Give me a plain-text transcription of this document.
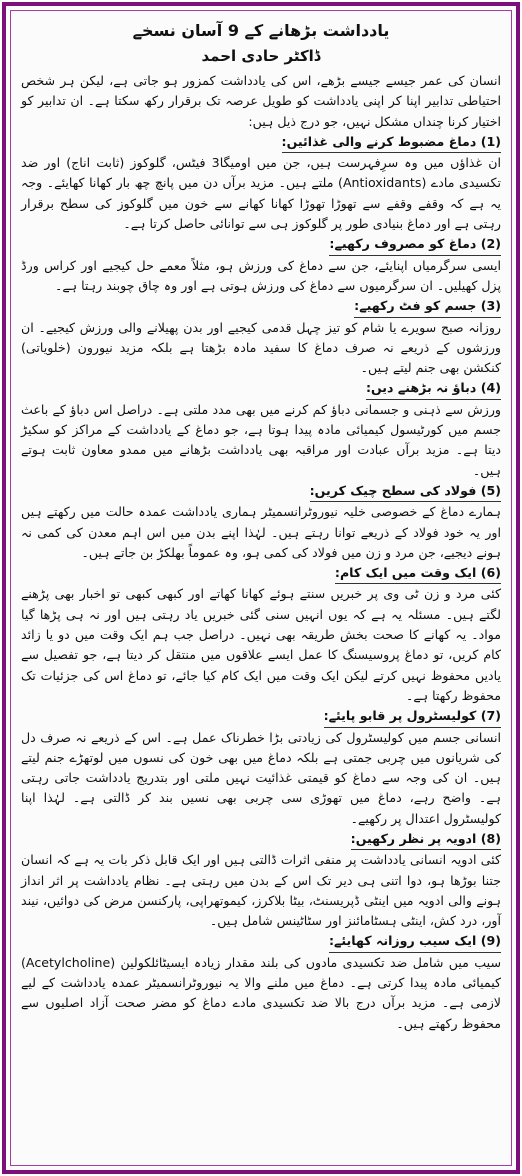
یادداشت بڑھانے کے 9 آسان نسخے

ڈاکٹر حادی احمد

انسان کی عمر جیسے جیسے بڑھے، اس کی یادداشت کمزور ہو جاتی ہے، لیکن ہر شخص احتیاطی تدابیر اپنا کر اپنی یادداشت کو طویل عرصہ تک برقرار رکھ سکتا ہے۔ ان تدابیر کو اختیار کرنا چنداں مشکل نہیں، جو درج ذیل ہیں:

(1) دماغ مضبوط کرنے والی غذائیں:

ان غذاؤں میں وہ سرِفہرست ہیں، جن میں اومیگا3 فیٹس، گلوکوز (ثابت اناج) اور ضد تکسیدی مادے (Antioxidants) ملتے ہیں۔ مزید برآں دن میں پانچ چھ بار کھانا کھایئے۔ وجہ یہ ہے کہ وقفے وقفے سے تھوڑا تھوڑا کھانا کھانے سے خون میں گلوکوز کی سطح برقرار رہتی ہے اور دماغ بنیادی طور پر گلوکوز ہی سے توانائی حاصل کرتا ہے۔

(2) دماغ کو مصروف رکھیے:

ایسی سرگرمیاں اپنایئے، جن سے دماغ کی ورزش ہو، مثلاً معمے حل کیجیے اور کراس ورڈ پزل کھیلیں۔ ان سرگرمیوں سے دماغ کی ورزش ہوتی ہے اور وہ چاق چوبند رہتا ہے۔

(3) جسم کو فٹ رکھیے:

روزانہ صبح سویرے یا شام کو تیز چہل قدمی کیجیے اور بدن پھیلانے والی ورزش کیجیے۔ ان ورزشوں کے ذریعے نہ صرف دماغ کا سفید مادہ بڑھتا ہے بلکہ مزید نیورون (خلویاتی) کنکشن بھی جنم لیتے ہیں۔

(4) دباؤ نہ بڑھنے دیں:

ورزش سے ذہنی و جسمانی دباؤ کم کرنے میں بھی مدد ملتی ہے۔ دراصل اس دباؤ کے باعث جسم میں کورٹیسول کیمیائی مادہ پیدا ہوتا ہے، جو دماغ کے یادداشت کے مراکز کو سکیڑ دیتا ہے۔ مزید برآں عبادت اور مراقبہ بھی یادداشت بڑھانے میں ممدو معاون ثابت ہوتے ہیں۔

(5) فولاد کی سطح چیک کریں:

ہمارے دماغ کے خصوصی خلیہ نیوروٹرانسمیٹر ہماری یادداشت عمدہ حالت میں رکھتے ہیں اور یہ خود فولاد کے ذریعے توانا رہتے ہیں۔ لہٰذا اپنے بدن میں اس اہم معدن کی کمی نہ ہونے دیجیے، جن مرد و زن میں فولاد کی کمی ہو، وہ عموماً بھلکڑ بن جاتے ہیں۔

(6) ایک وقت میں ایک کام:

کئی مرد و زن ٹی وی پر خبریں سنتے ہوئے کھانا کھاتے اور کبھی کبھی تو اخبار بھی پڑھنے لگتے ہیں۔ مسئلہ یہ ہے کہ یوں انہیں سنی گئی خبریں یاد رہتی ہیں اور نہ ہی پڑھا گیا مواد۔ یہ کھانے کا صحت بخش طریقہ بھی نہیں۔ دراصل جب ہم ایک وقت میں دو یا زائد کام کریں، تو دماغ پروسیسنگ کا عمل ایسے علاقوں میں منتقل کر دیتا ہے، جو تفصیل سے یادیں محفوظ نہیں کرتے لیکن ایک وقت میں ایک کام کیا جائے، تو دماغ اس کی جزئیات تک محفوظ رکھتا ہے۔

(7) کولیسٹرول پر قابو پایئے:

انسانی جسم میں کولیسٹرول کی زیادتی بڑا خطرناک عمل ہے۔ اس کے ذریعے نہ صرف دل کی شریانوں میں چربی جمتی ہے بلکہ دماغ میں بھی خون کی نسوں میں لوتھڑے جنم لیتے ہیں۔ ان کی وجہ سے دماغ کو قیمتی غذائیت نہیں ملتی اور بتدریج یادداشت جاتی رہتی ہے۔ واضح رہے، دماغ میں تھوڑی سی چربی بھی نسیں بند کر ڈالتی ہے۔ لہٰذا اپنا کولیسٹرول اعتدال پر رکھیے۔

(8) ادویہ پر نظر رکھیں:

کئی ادویہ انسانی یادداشت پر منفی اثرات ڈالتی ہیں اور ایک قابل ذکر بات یہ ہے کہ انسان جتنا بوڑھا ہو، دوا اتنی ہی دیر تک اس کے بدن میں رہتی ہے۔ نظام یادداشت پر اثر انداز ہونے والی ادویہ میں اینٹی ڈپریسنٹ، بیٹا بلاکرز، کیموتھراپی، پارکنسن مرض کی دوائیں، نیند آور، درد کش، اینٹی ہسٹامائنز اور سٹاٹینس شامل ہیں۔

(9) ایک سیب روزانہ کھایئے:

سیب میں شامل ضد تکسیدی مادوں کی بلند مقدار زیادہ ایسیٹائلکولین (Acetylcholine) کیمیائی مادہ پیدا کرتی ہے۔ دماغ میں ملنے والا یہ نیوروٹرانسمیٹر عمدہ یادداشت کے لیے لازمی ہے۔ مزید برآں درج بالا ضد تکسیدی مادے دماغ کو مضر صحت آزاد اصلیوں سے محفوظ رکھتے ہیں۔
